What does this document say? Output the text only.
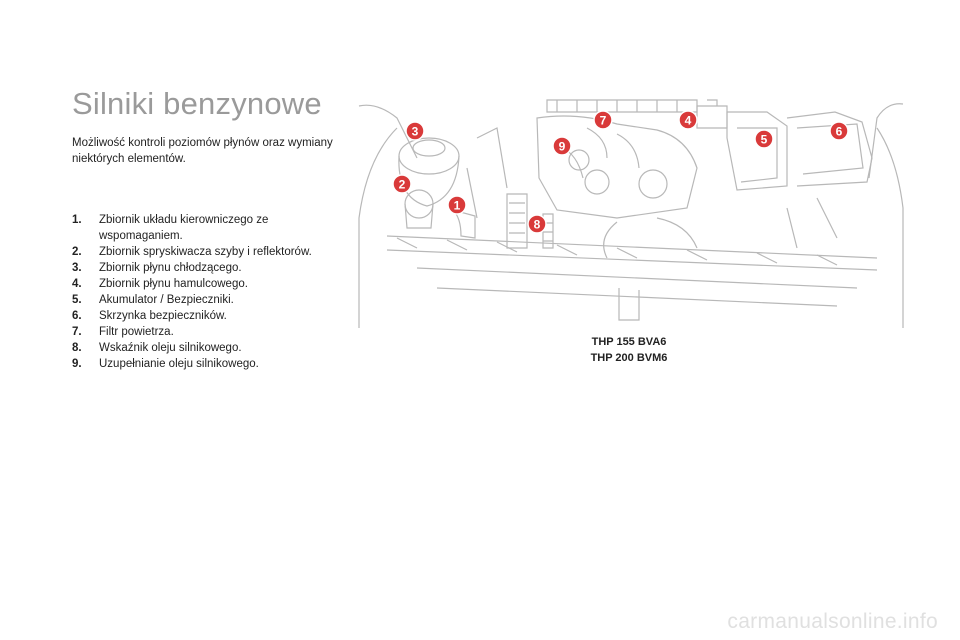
Silniki benzynowe

Możliwość kontroli poziomów płynów oraz wymiany niektórych elementów.

1.	Zbiornik układu kierowniczego ze wspomaganiem.
2.	Zbiornik spryskiwacza szyby i reflektorów.
3.	Zbiornik płynu chłodzącego.
4.	Zbiornik płynu hamulcowego.
5.	Akumulator / Bezpieczniki.
6.	Skrzynka bezpieczników.
7.	Filtr powietrza.
8.	Wskaźnik oleju silnikowego.
9.	Uzupełnianie oleju silnikowego.
1
2
3
4
5
6
7
8
9
THP 155 BVA6
THP 200 BVM6
carmanualsonline.info
